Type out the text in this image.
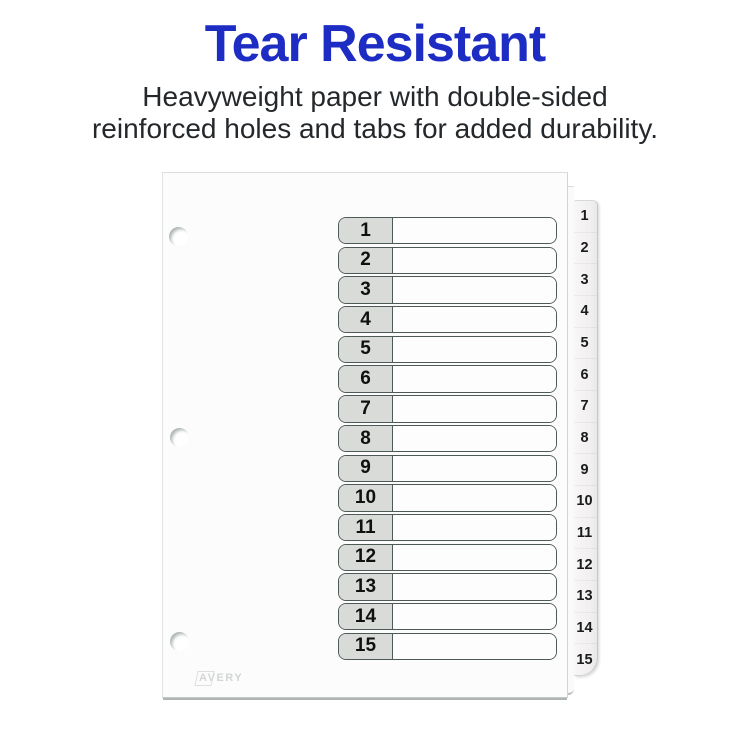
Tear Resistant
Heavyweight paper with double-sided
reinforced holes and tabs for added durability.
1
2
3
4
5
6
7
8
9
10
11
12
13
14
15
AVERY
1
2
3
4
5
6
7
8
9
10
11
12
13
14
15
